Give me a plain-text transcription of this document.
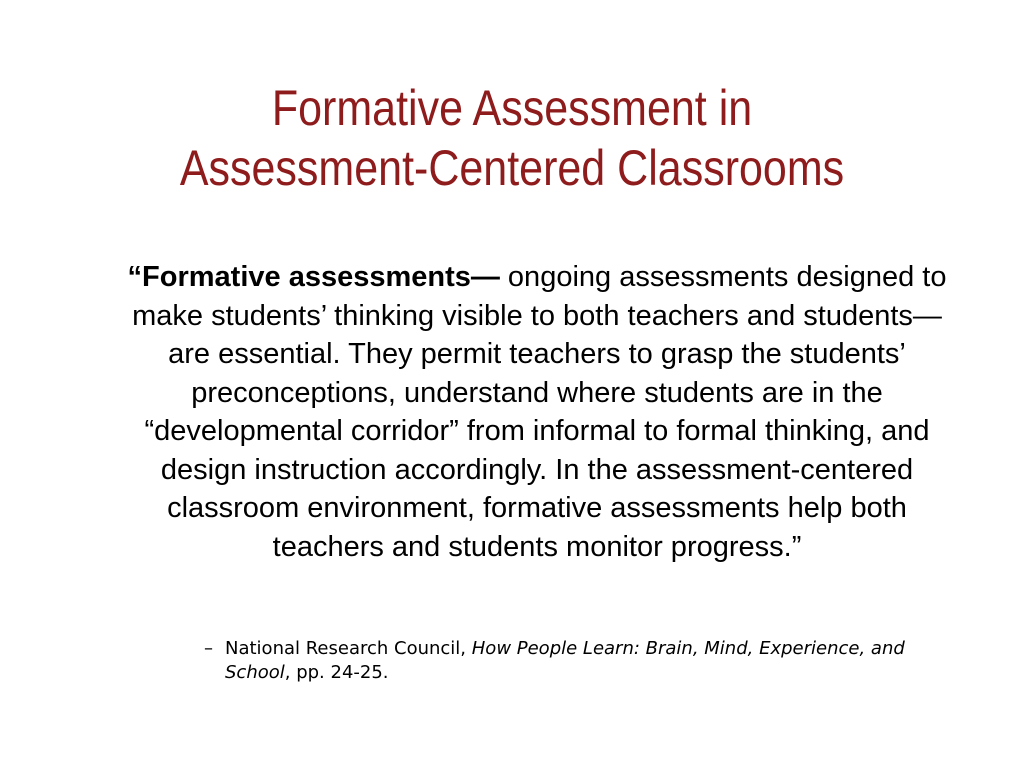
Formative Assessment in
Assessment-Centered Classrooms
“Formative assessments— ongoing assessments designed to make students’ thinking visible to both teachers and students—are essential. They permit teachers to grasp the students’ preconceptions, understand where students are in the “developmental corridor” from informal to formal thinking, and design instruction accordingly. In the assessment-centered classroom environment, formative assessments help both teachers and students monitor progress.”
– National Research Council, How People Learn: Brain, Mind, Experience, and School, pp. 24-25.
